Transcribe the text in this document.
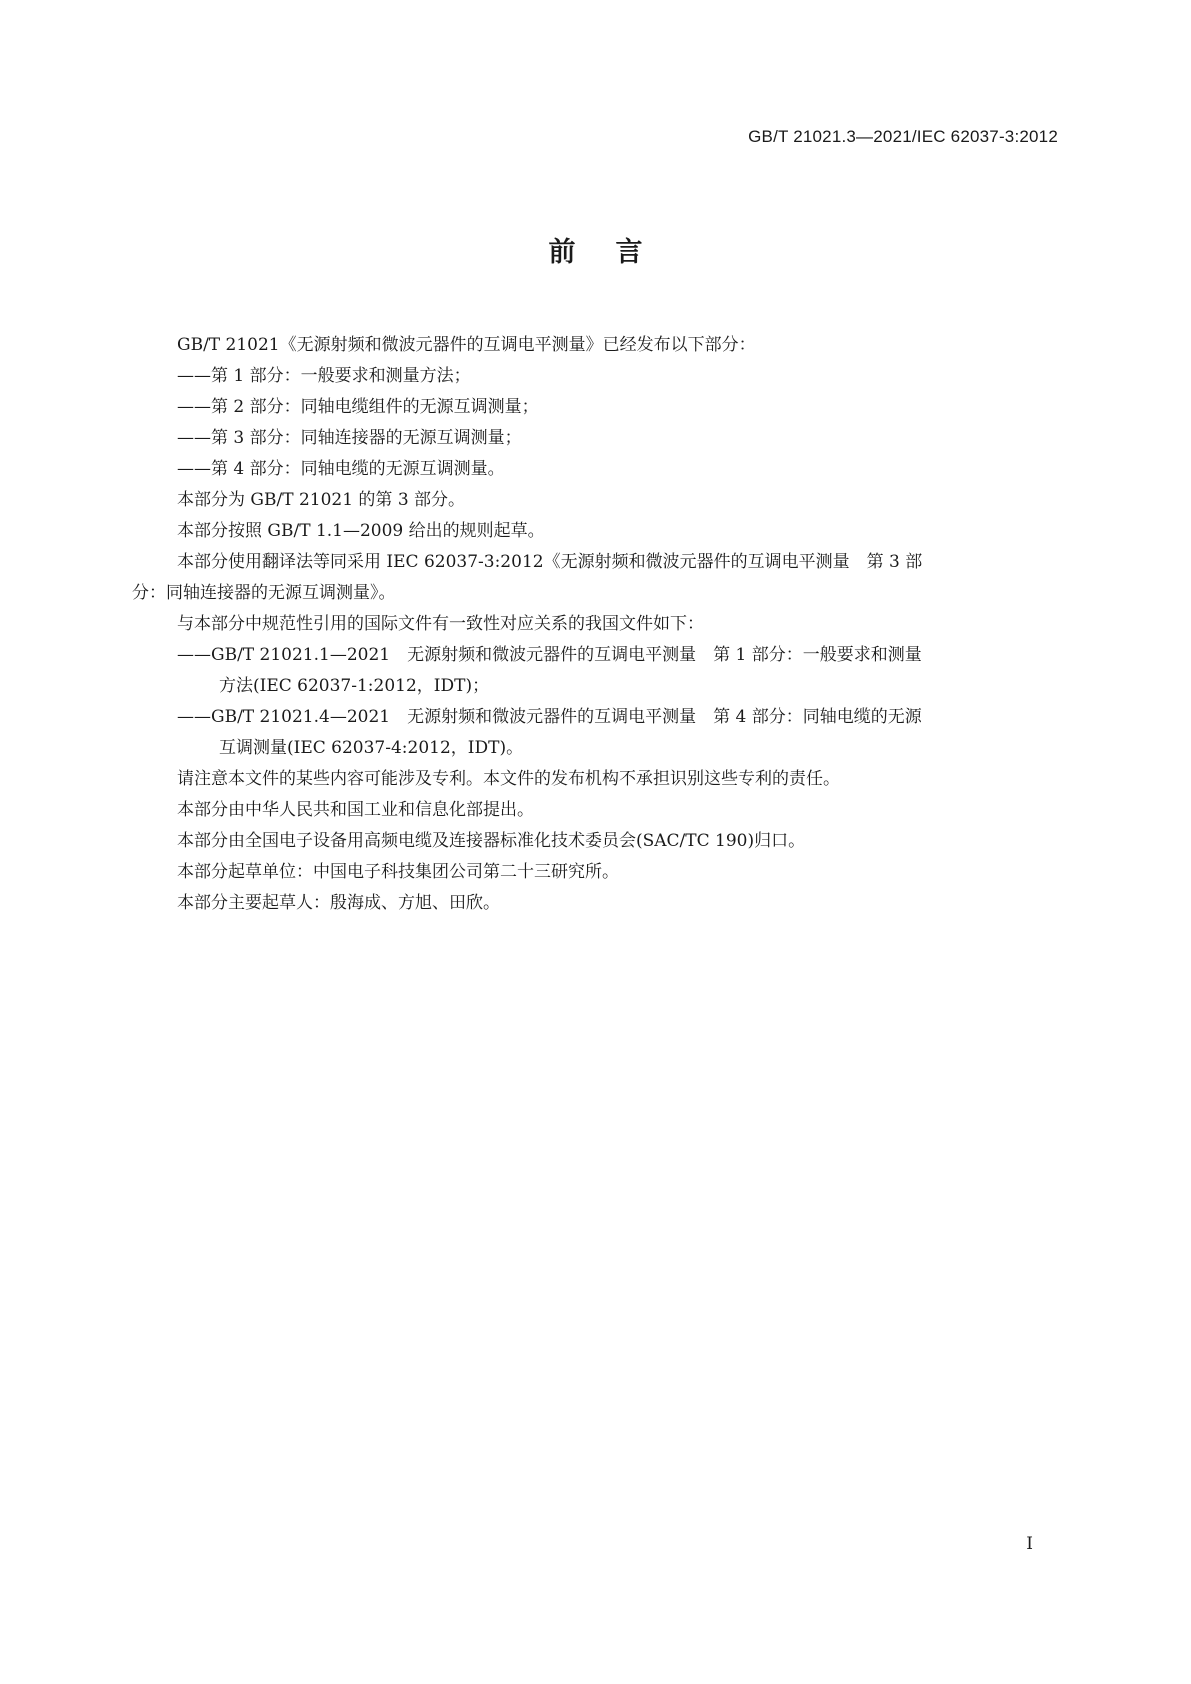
GB/T 21021.3—2021/IEC 62037-3:2012
前言

GB/T 21021《无源射频和微波元器件的互调电平测量》已经发布以下部分：

——第 1 部分：一般要求和测量方法；

——第 2 部分：同轴电缆组件的无源互调测量；

——第 3 部分：同轴连接器的无源互调测量；

——第 4 部分：同轴电缆的无源互调测量。

本部分为 GB/T 21021 的第 3 部分。

本部分按照 GB/T 1.1—2009 给出的规则起草。

本部分使用翻译法等同采用 IEC 62037-3:2012《无源射频和微波元器件的互调电平测量　第 3 部

分：同轴连接器的无源互调测量》。

与本部分中规范性引用的国际文件有一致性对应关系的我国文件如下：

——GB/T 21021.1—2021　无源射频和微波元器件的互调电平测量　第 1 部分：一般要求和测量
方法(IEC 62037-1:2012，IDT)；
——GB/T 21021.4—2021　无源射频和微波元器件的互调电平测量　第 4 部分：同轴电缆的无源
互调测量(IEC 62037-4:2012，IDT)。

请注意本文件的某些内容可能涉及专利。本文件的发布机构不承担识别这些专利的责任。

本部分由中华人民共和国工业和信息化部提出。

本部分由全国电子设备用高频电缆及连接器标准化技术委员会(SAC/TC 190)归口。

本部分起草单位：中国电子科技集团公司第二十三研究所。

本部分主要起草人：殷海成、方旭、田欣。

I
